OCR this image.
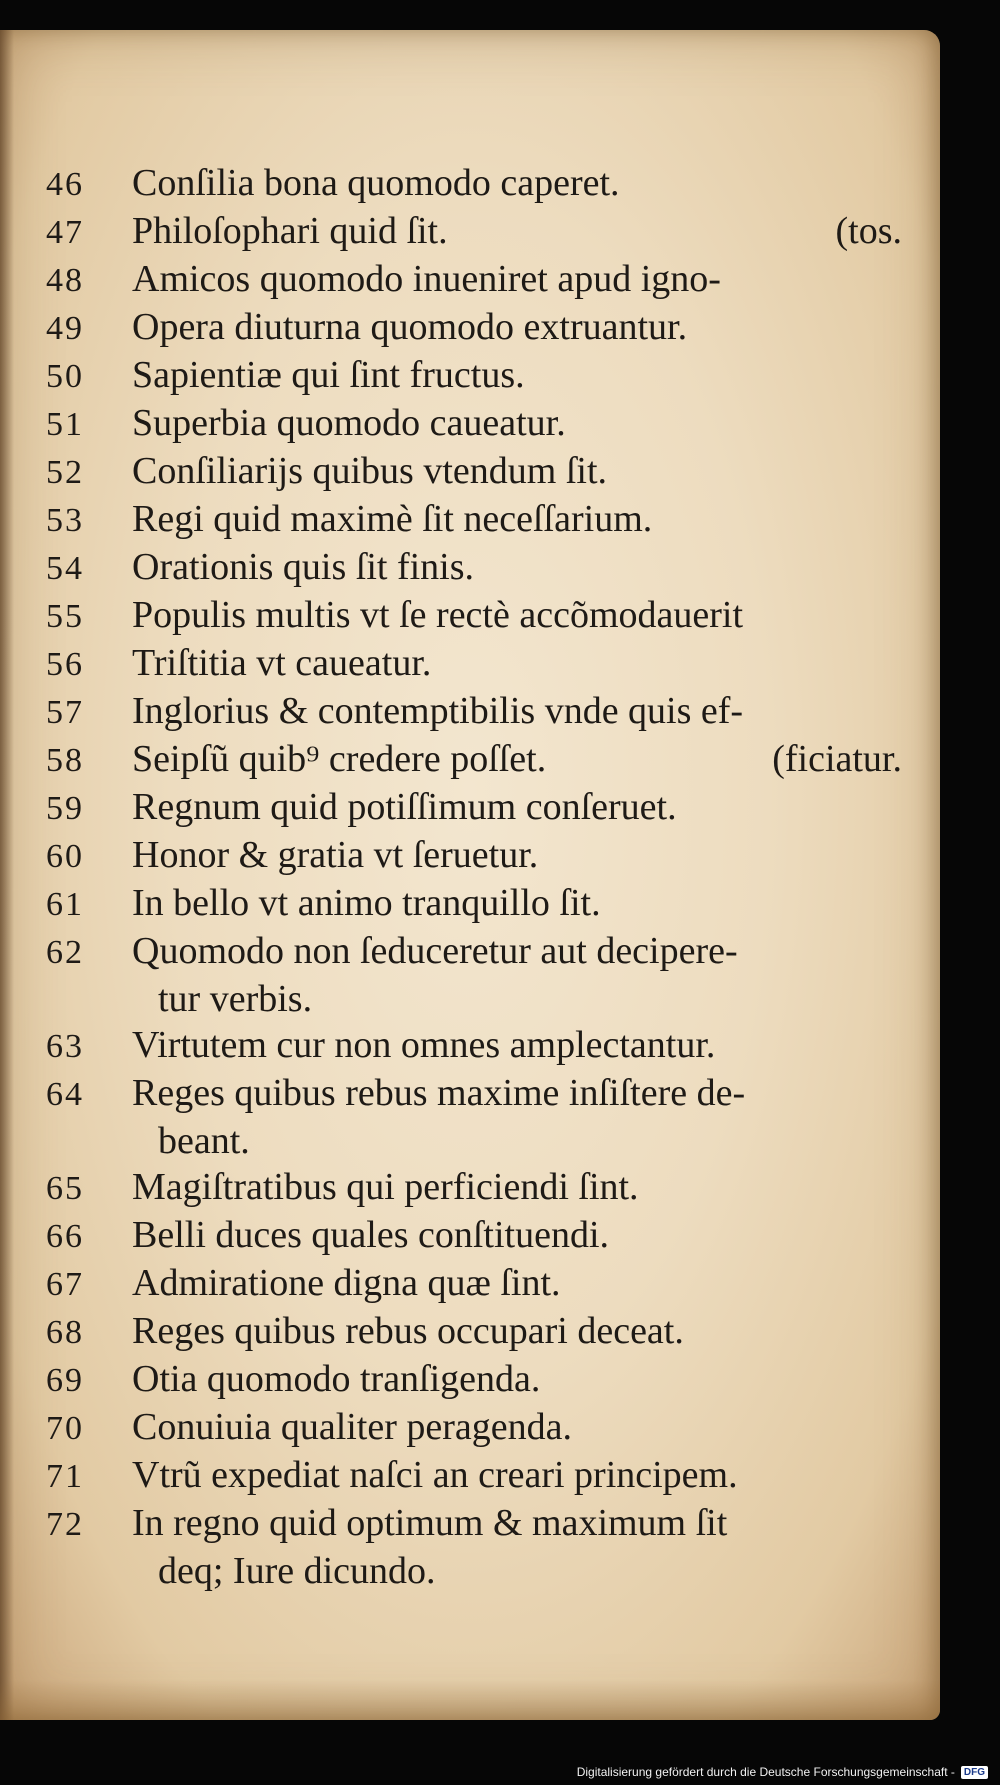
46	Conſilia bona quomodo caperet.
47	Philoſophari quid ſit.	(tos.
48	Amicos quomodo inueniret apud igno-
49	Opera diuturna quomodo extruantur.
50	Sapientiæ qui ſint fructus.
51	Superbia quomodo caueatur.
52	Conſiliarijs quibus vtendum ſit.
53	Regi quid maximè ſit neceſſarium.
54	Orationis quis ſit finis.
55	Populis multis vt ſe rectè accõmodauerit
56	Triſtitia vt caueatur.
57	Inglorius & contemptibilis vnde quis ef-
58	Seipſũ quib⁹ credere poſſet.	(ficiatur.
59	Regnum quid potiſſimum conſeruet.
60	Honor & gratia vt ſeruetur.
61	In bello vt animo tranquillo ſit.
62	Quomodo non ſeduceretur aut decipere-
tur verbis.
63	Virtutem cur non omnes amplectantur.
64	Reges quibus rebus maxime inſiſtere de-
beant.
65	Magiſtratibus qui perficiendi ſint.
66	Belli duces quales conſtituendi.
67	Admiratione digna quæ ſint.
68	Reges quibus rebus occupari deceat.
69	Otia quomodo tranſigenda.
70	Conuiuia qualiter peragenda.
71	Vtrũ expediat naſci an creari principem.
72	In regno quid optimum & maximum ſit
deq; Iure dicundo.
Digitalisierung gefördert durch die Deutsche Forschungsgemeinschaft - DFG
